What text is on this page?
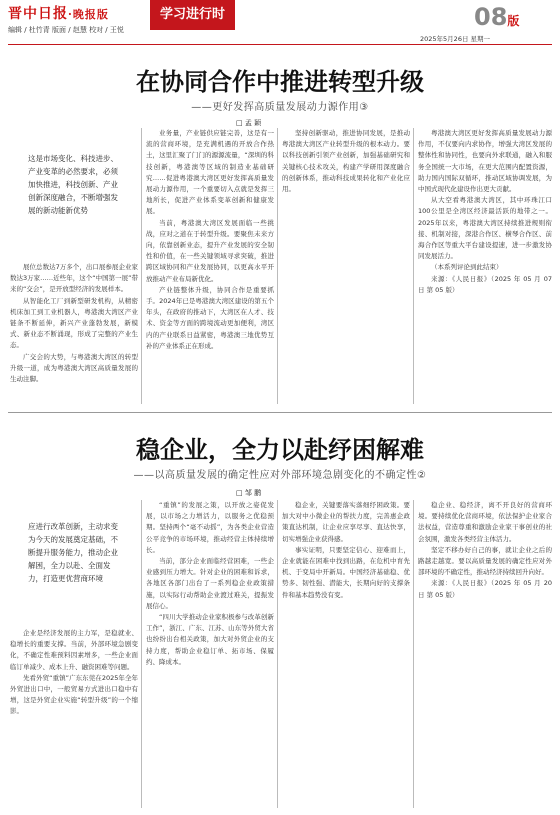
晋中日报·晚报版
编辑 / 杜竹青 版面 / 赵慧 校对 / 王悦
学习进行时	08版
2025年5月26日 星期一
在协同合作中推进转型升级
——更好发挥高质量发展动力源作用③
□ 孟 颖

这是市场变化、科技进步、产业变革的必然要求，必须加快推进，科技创新、产业创新深度融合，不断增强发展的新动能新优势

展位总数达7万多个，出口展参展企业家数达3万家……近些年，这个“中国第一展”带来的“交会”，是开放型经济的发展样本。

从智能化工厂到新型研发机构，从精密机床加工到工业机器人，粤港澳大湾区产业链条不断延伸，新兴产业蓬勃发展，新模式、新业态不断涌现，形成了完整的产业生态。

广交会的大势，与粤港澳大湾区的转型升级一道，成为粤港澳大湾区高质量发展的生动注脚。

业务量，产业链供应链完善，这是有一流的营商环境，是充满机遇的开放合作热土，这里汇聚了门门的源源流量，“深圳的科技创新，粤港澳等区域的制造业基础研究……促进粤港澳大湾区更好发挥高质量发展动力源作用，一个重要切入点就是发挥三地所长，促进产业体系变革创新和健康发展。

当前，粤港澳大湾区发展面临一些挑战，应对之道在于转型升级。要聚焦未来方向，依靠创新业态，提升产业发展的安全韧性和价值，在一些关键领域寻求突破，推进跨区域协同和产业发展协同，以更高水平开放推动产业布局新优化。

产业链整体升级，协同合作是重要抓手。2024年已是粤港澳大湾区建设的第五个年头，在政府的推动下，大湾区在人才、技术、资金等方面的跨境流动更加便利，湾区内的产业联系日益紧密，粤港澳三地优势互补的产业体系正在形成。

坚持创新驱动，推进协同发展，是推动粤港澳大湾区产业转型升级的根本动力。要以科技创新引领产业创新，加强基础研究和关键核心技术攻关，构建产学研用深度融合的创新体系，推动科技成果转化和产业化应用。

粤港澳大湾区更好发挥高质量发展动力源作用，不仅要向内求协作，增强大湾区发展的整体性和协同性，也要向外求联通，融入和服务全国统一大市场，在更大范围内配置资源，助力国内国际双循环，推动区域协调发展，为中国式现代化建设作出更大贡献。

从大空看粤港澳大湾区，其中环珠江口100公里是全湾区经济最活跃的地带之一。2025年以来，粤港澳大湾区持续推进规则衔接、机制对接，深港合作区、横琴合作区、前海合作区等重大平台建设提速，进一步激发协同发展活力。

（本系列评论到此结束）

来源：《人民日报》（2025 年 05 月 07 日 第 05 版）

稳企业，全力以赴纾困解难
——以高质量发展的确定性应对外部环境急剧变化的不确定性②
□ 邹 鹏

应进行改革创新，主动求变为今天的发展奠定基础，不断提升服务能力，推动企业解困，全力以赴、全面发力，打造更优营商环境

企业是经济发展的主力军，是稳就业、稳增长的重要支撑。当前，外部环境急剧变化，不确定性难预料因素增多，一些企业面临订单减少、成本上升、融资困难等问题。

先看外贸“重镇”广东东莞在2025年全年外贸进出口中，一般贸易方式进出口稳中有增，这是外贸企业实施“转型升级”的一个缩影。

“重镇”的发展之策，以开放之姿促发展，以市场之力增活力，以服务之优稳预期。坚持两个“毫不动摇”，为各类企业营造公平竞争的市场环境，推动经营主体持续增长。

当前，部分企业面临经营困难，一些企业感到压力增大。针对企业的困难和诉求，各地区各部门出台了一系列稳企业政策措施，以实际行动帮助企业渡过难关，提振发展信心。

“四川大学推动企业家积极参与改革创新工作”，浙江、广东、江苏、山东等外贸大省也纷纷出台相关政策，加大对外贸企业的支持力度，帮助企业稳订单、拓市场、保履约、降成本。

稳企业，关键要落实落细纾困政策。要加大对中小微企业的帮扶力度，完善惠企政策直达机制，让企业应享尽享、直达快享，切实增强企业获得感。

事实证明，只要坚定信心、迎难而上，企业就能在困难中找到出路，在危机中育先机、于变局中开新局。中国经济基础稳、优势多、韧性强、潜能大，长期向好的支撑条件和基本趋势没有变。

稳企业、稳经济，离不开良好的营商环境。要持续优化营商环境，依法保护企业家合法权益，营造尊重和激励企业家干事创业的社会氛围，激发各类经营主体活力。

坚定不移办好自己的事，就让企业之后的路越走越宽。要以高质量发展的确定性应对外部环境的不确定性，推动经济持续回升向好。

来源：《人民日报》（2025 年 05 月 20 日 第 05 版）
